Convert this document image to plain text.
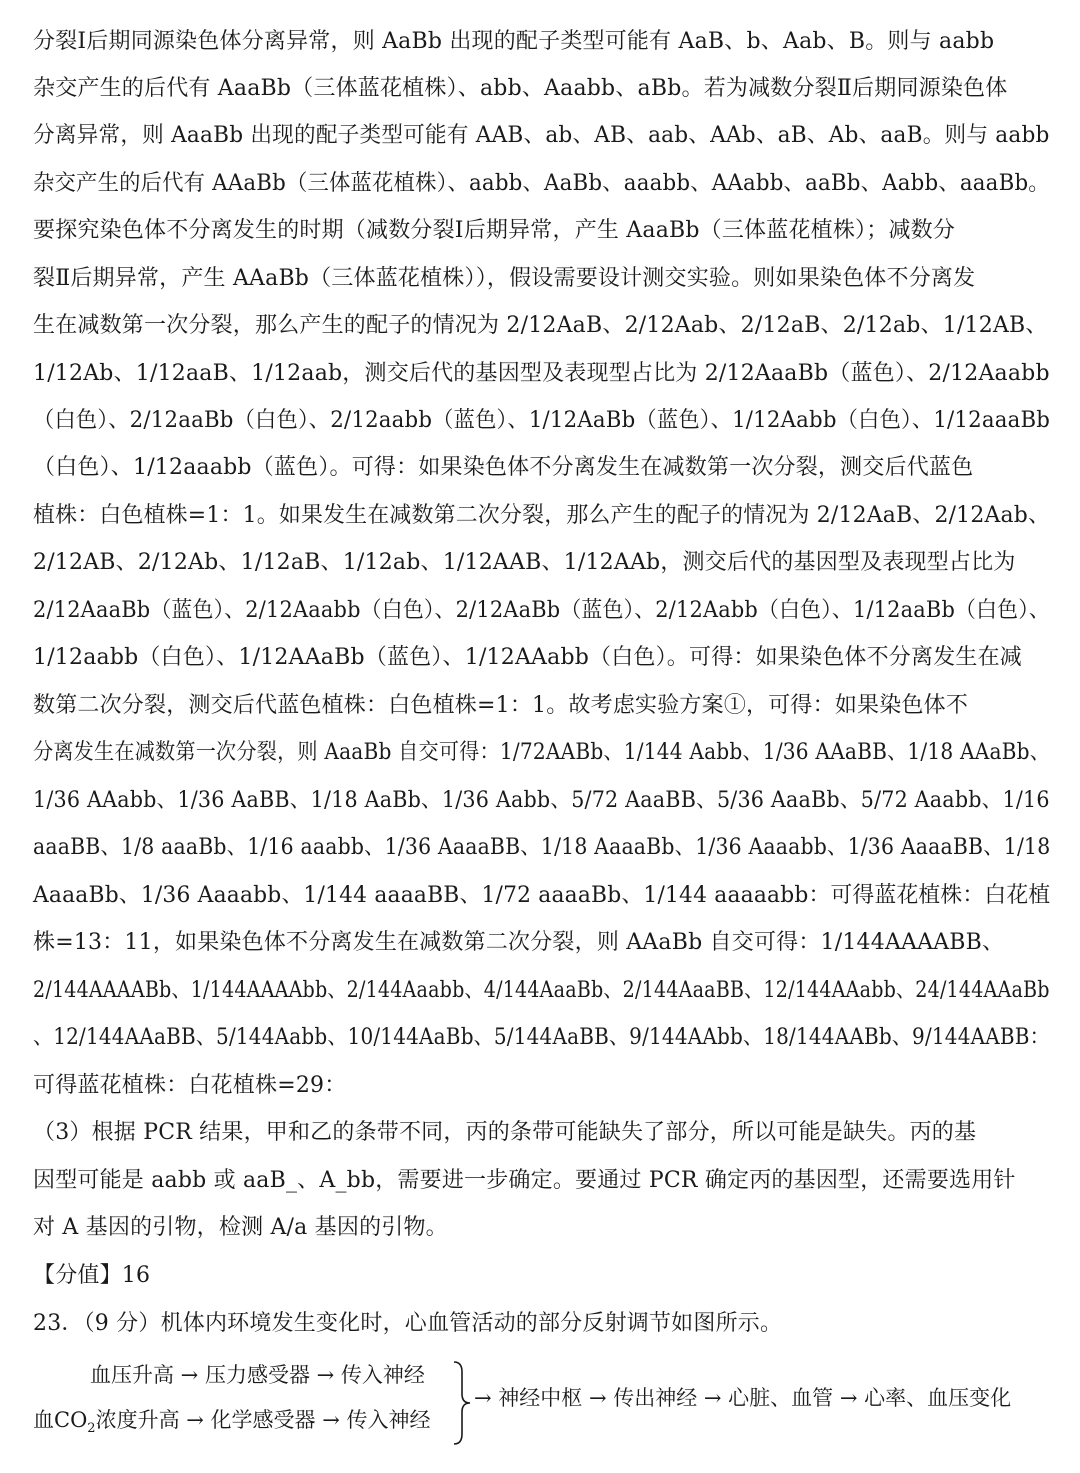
分裂Ⅰ后期同源染色体分离异常，则 AaBb 出现的配子类型可能有 AaB、b、Aab、B。则与 aabb
杂交产生的后代有 AaaBb（三体蓝花植株）、abb、Aaabb、aBb。若为减数分裂Ⅱ后期同源染色体
分离异常，则 AaaBb 出现的配子类型可能有 AAB、ab、AB、aab、AAb、aB、Ab、aaB。则与 aabb
杂交产生的后代有 AAaBb（三体蓝花植株）、aabb、AaBb、aaabb、AAabb、aaBb、Aabb、aaaBb。
要探究染色体不分离发生的时期（减数分裂Ⅰ后期异常，产生 AaaBb（三体蓝花植株）；减数分
裂Ⅱ后期异常，产生 AAaBb（三体蓝花植株）），假设需要设计测交实验。则如果染色体不分离发
生在减数第一次分裂，那么产生的配子的情况为 2/12AaB、2/12Aab、2/12aB、2/12ab、1/12AB、
1/12Ab、1/12aaB、1/12aab，测交后代的基因型及表现型占比为 2/12AaaBb（蓝色）、2/12Aaabb
（白色）、2/12aaBb（白色）、2/12aabb（蓝色）、1/12AaBb（蓝色）、1/12Aabb（白色）、1/12aaaBb
（白色）、1/12aaabb（蓝色）。可得：如果染色体不分离发生在减数第一次分裂，测交后代蓝色
植株：白色植株=1：1。如果发生在减数第二次分裂，那么产生的配子的情况为 2/12AaB、2/12Aab、
2/12AB、2/12Ab、1/12aB、1/12ab、1/12AAB、1/12AAb，测交后代的基因型及表现型占比为
2/12AaaBb（蓝色）、2/12Aaabb（白色）、2/12AaBb（蓝色）、2/12Aabb（白色）、1/12aaBb（白色）、
1/12aabb（白色）、1/12AAaBb（蓝色）、1/12AAabb（白色）。可得：如果染色体不分离发生在减
数第二次分裂，测交后代蓝色植株：白色植株=1：1。故考虑实验方案①，可得：如果染色体不
分离发生在减数第一次分裂，则 AaaBb 自交可得：1/72AABb、1/144 Aabb、1/36 AAaBB、1/18 AAaBb、
1/36 AAabb、1/36 AaBB、1/18 AaBb、1/36 Aabb、5/72 AaaBB、5/36 AaaBb、5/72 Aaabb、1/16
aaaBB、1/8 aaaBb、1/16 aaabb、1/36 AaaaBB、1/18 AaaaBb、1/36 Aaaabb、1/36 AaaaBB、1/18
AaaaBb、1/36 Aaaabb、1/144 aaaaBB、1/72 aaaaBb、1/144 aaaaabb：可得蓝花植株：白花植
株=13：11，如果染色体不分离发生在减数第二次分裂，则 AAaBb 自交可得：1/144AAAABB、
2/144AAAABb、1/144AAAAbb、2/144Aaabb、4/144AaaBb、2/144AaaBB、12/144AAabb、24/144AAaBb
、12/144AAaBB、5/144Aabb、10/144AaBb、5/144AaBB、9/144AAbb、18/144AABb、9/144AABB：
可得蓝花植株：白花植株=29：
（3）根据 PCR 结果，甲和乙的条带不同，丙的条带可能缺失了部分，所以可能是缺失。丙的基
因型可能是 aabb 或 aaB_、A_bb，需要进一步确定。要通过 PCR 确定丙的基因型，还需要选用针
对 A 基因的引物，检测 A/a 基因的引物。
【分值】16
23．（9 分）机体内环境发生变化时，心血管活动的部分反射调节如图所示。
血压升高 → 压力感受器 → 传入神经
血$CO_2$浓度升高 → 化学感受器 → 传入神经
→ 神经中枢 → 传出神经 → 心脏、血管 → 心率、血压变化
